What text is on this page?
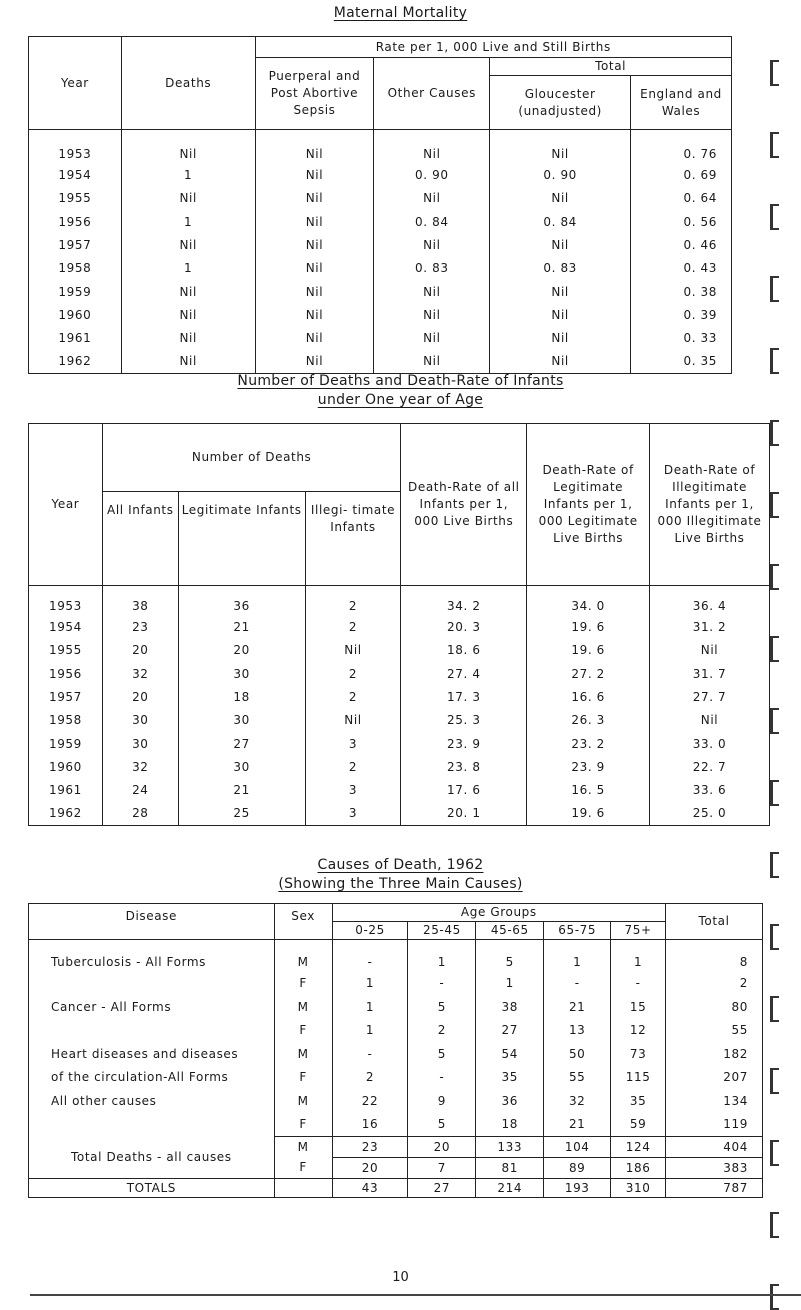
Maternal Mortality
Year	Deaths	Rate per 1, 000 Live and Still Births			
		Puerperal and Post Abortive Sepsis	Other Causes	Total	
				Gloucester (unadjusted)	England and Wales
1953	Nil	Nil	Nil	Nil	0. 76
1954	1	Nil	0. 90	0. 90	0. 69
1955	Nil	Nil	Nil	Nil	0. 64
1956	1	Nil	0. 84	0. 84	0. 56
1957	Nil	Nil	Nil	Nil	0. 46
1958	1	Nil	0. 83	0. 83	0. 43
1959	Nil	Nil	Nil	Nil	0. 38
1960	Nil	Nil	Nil	Nil	0. 39
1961	Nil	Nil	Nil	Nil	0. 33
1962	Nil	Nil	Nil	Nil	0. 35
Number of Deaths and Death-Rate of Infants
under One year of Age
Year	Number of Deaths			Death-Rate of all Infants per 1, 000 Live Births	Death-Rate of Legitimate Infants per 1, 000 Legitimate Live Births	Death-Rate of Illegitimate Infants per 1, 000 Illegitimate Live Births
	All Infants	Legitimate Infants	Illegi- timate Infants			
1953	38	36	2	34. 2	34. 0	36. 4
1954	23	21	2	20. 3	19. 6	31. 2
1955	20	20	Nil	18. 6	19. 6	Nil
1956	32	30	2	27. 4	27. 2	31. 7
1957	20	18	2	17. 3	16. 6	27. 7
1958	30	30	Nil	25. 3	26. 3	Nil
1959	30	27	3	23. 9	23. 2	33. 0
1960	32	30	2	23. 8	23. 9	22. 7
1961	24	21	3	17. 6	16. 5	33. 6
1962	28	25	3	20. 1	19. 6	25. 0
Causes of Death, 1962
(Showing the Three Main Causes)
Disease	Sex	Age Groups					Total
		0-25	25-45	45-65	65-75	75+	
Tuberculosis - All Forms	M	-	1	5	1	1	8
	F	1	-	1	-	-	2
Cancer - All Forms	M	1	5	38	21	15	80
	F	1	2	27	13	12	55
Heart diseases and diseases	M	-	5	54	50	73	182
of the circulation-All Forms	F	2	-	35	55	115	207
All other causes	M	22	9	36	32	35	134
	F	16	5	18	21	59	119
Total Deaths - all causes	M	23	20	133	104	124	404
	F	20	7	81	89	186	383
TOTALS		43	27	214	193	310	787
10
